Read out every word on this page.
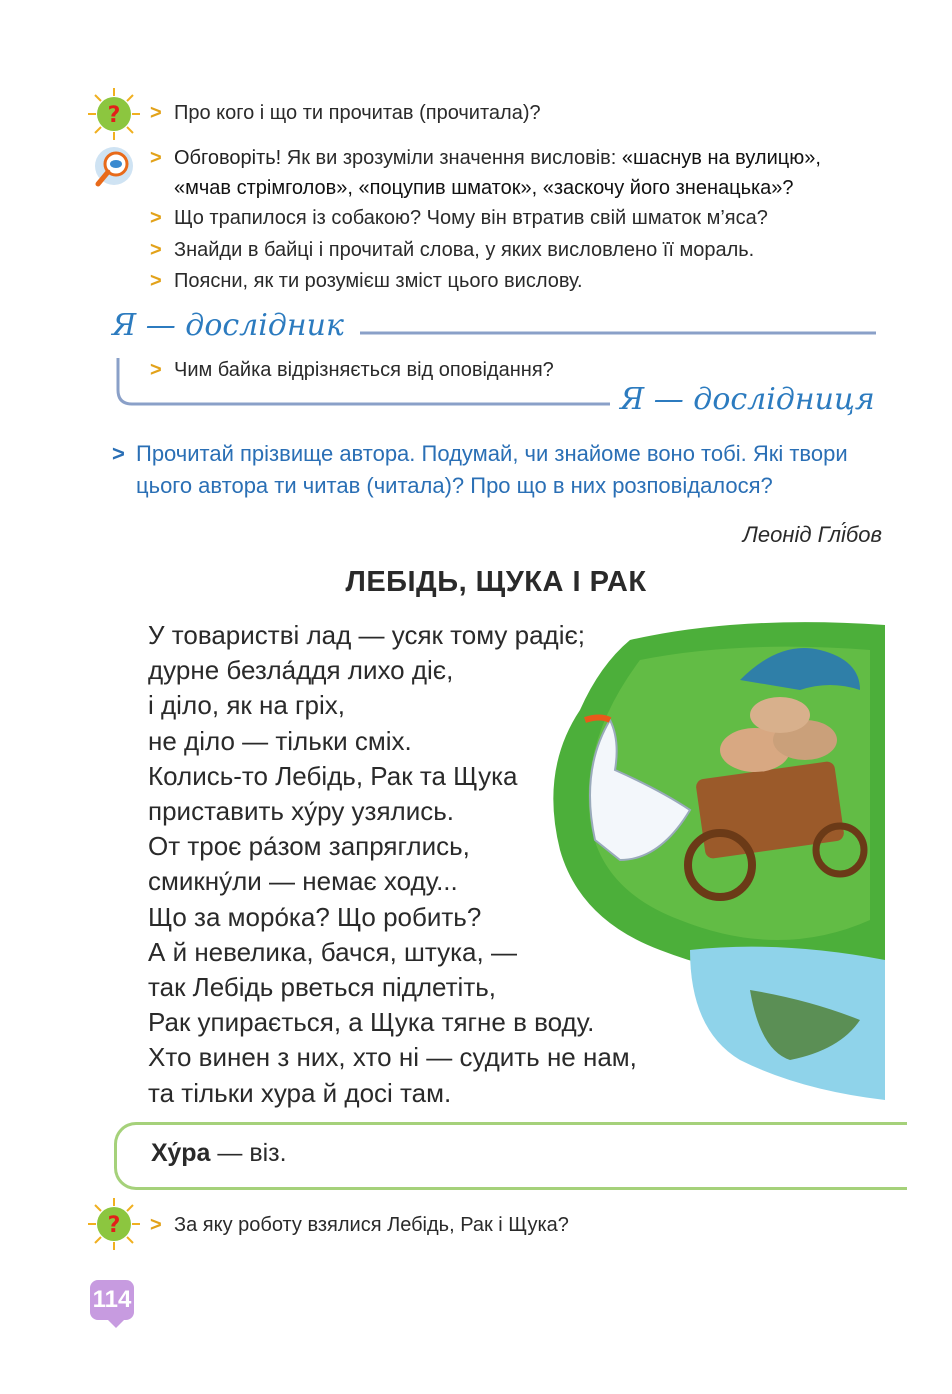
? > Про кого і що ти прочитав (прочитала)?
> Обговоріть! Як ви зрозуміли значення висловів: «шаснув на вулицю»,
«мчав стрімголов», «поцупив шматок», «заскочу його зненацька»?
> Що трапилося із собакою? Чому він втратив свій шматок м’яса?
> Знайди в байці і прочитай слова, у яких висловлено її мораль.
> Поясни, як ти розумієш зміст цього вислову.
Я — дослідник
> Чим байка відрізняється від оповідання?
Я — дослідниця
> Прочитай прізвище автора. Подумай, чи знайоме воно тобі. Які твори
цього автора ти читав (читала)? Про що в них розповідалося?
Леонід Глі́бов
ЛЕБІДЬ, ЩУКА І РАК
У товаристві лад — усяк тому радіє;
дурне безла́ддя лихо діє,
і діло, як на гріх,
не діло — тільки сміх.
Колись-то Лебідь, Рак та Щука
приставить ху́ру узялись.
От троє ра́зом запряглись,
смикну́ли — немає ходу...
Що за моро́ка? Що робить?
А й невелика, бачся, штука, —
так Лебідь рветься підлетіть,
Рак упирається, а Щука тягне в воду.
Хто винен з них, хто ні — судить не нам,
та тільки хура й досі там.
Ху́ра — віз.
? > За яку роботу взялися Лебідь, Рак і Щука?
114
